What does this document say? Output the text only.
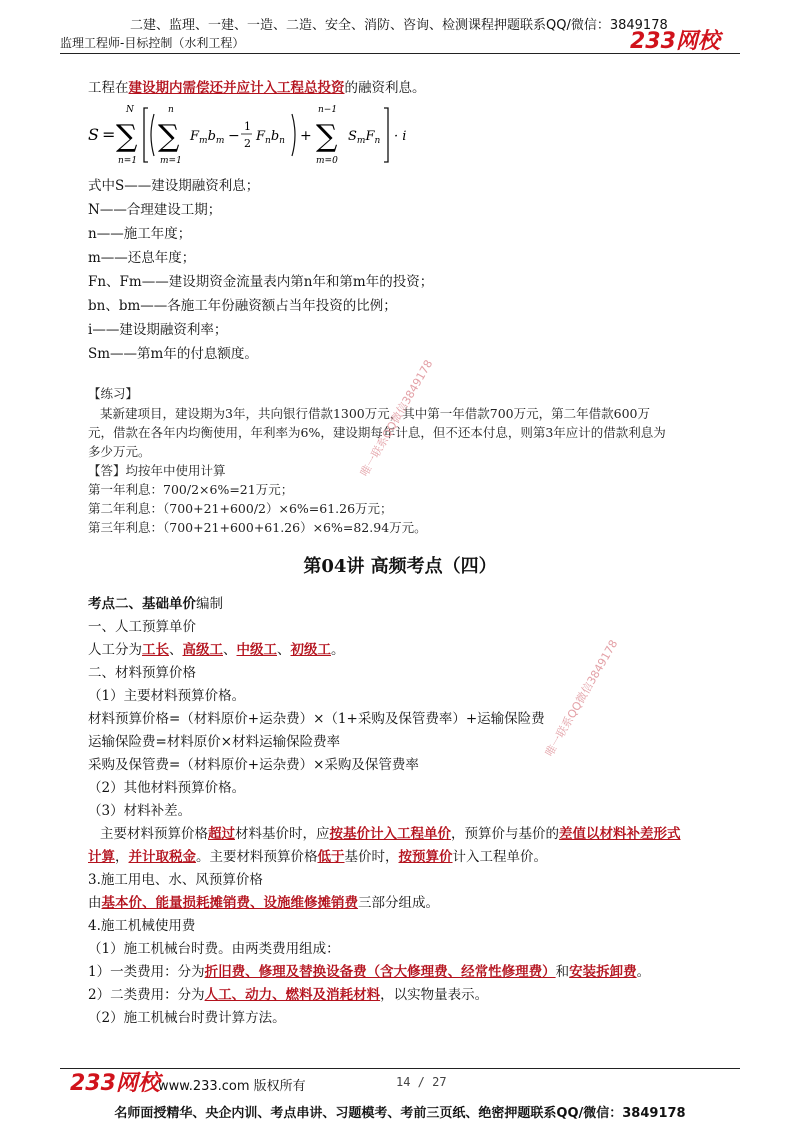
二建、监理、一建、一造、二造、安全、消防、咨询、检测课程押题联系QQ/微信：3849178
监理工程师-目标控制（水利工程）	233网校
工程在建设期内需偿还并应计入工程总投资的融资利息。
S = ∑
N
n=1
∑
n
m=1
$F_mb_m$ −
1
2 $F_nb_n$ + ∑
n−1
m=0
$S_mF_n \cdot i$
式中S——建设期融资利息；
N——合理建设工期；
n——施工年度；
m——还息年度；
Fn、Fm——建设期资金流量表内第n年和第m年的投资；
bn、bm——各施工年份融资额占当年投资的比例；
i——建设期融资利率；
Sm——第m年的付息额度。
【练习】
某新建项目，建设期为3年，共向银行借款1300万元，其中第一年借款700万元，第二年借款600万
元，借款在各年内均衡使用，年利率为6%，建设期每年计息，但不还本付息，则第3年应计的借款利息为
多少万元。
【答】均按年中使用计算
第一年利息：700/2×6%=21万元；
第二年利息：（700+21+600/2）×6%=61.26万元；
第三年利息：（700+21+600+61.26）×6%=82.94万元。
第04讲 高频考点（四）
考点二、基础单价编制
一、人工预算单价
人工分为工长、高级工、中级工、初级工。
二、材料预算价格
（1）主要材料预算价格。
材料预算价格=（材料原价+运杂费）×（1+采购及保管费率）+运输保险费
运输保险费=材料原价×材料运输保险费率
采购及保管费=（材料原价+运杂费）×采购及保管费率
（2）其他材料预算价格。
（3）材料补差。
主要材料预算价格超过材料基价时，应按基价计入工程单价，预算价与基价的差值以材料补差形式
计算，并计取税金。主要材料预算价格低于基价时，按预算价计入工程单价。
3.施工用电、水、风预算价格
由基本价、能量损耗摊销费、设施维修摊销费三部分组成。
4.施工机械使用费
（1）施工机械台时费。由两类费用组成：
1）一类费用：分为折旧费、修理及替换设备费（含大修理费、经常性修理费）和安装拆卸费。
2）二类费用：分为人工、动力、燃料及消耗材料，以实物量表示。
（2）施工机械台时费计算方法。
唯一联系QQ微信3849178
唯一联系QQ微信3849178
233网校
www.233.com 版权所有	14 / 27
名师面授精华、央企内训、考点串讲、习题模考、考前三页纸、绝密押题联系QQ/微信：3849178
